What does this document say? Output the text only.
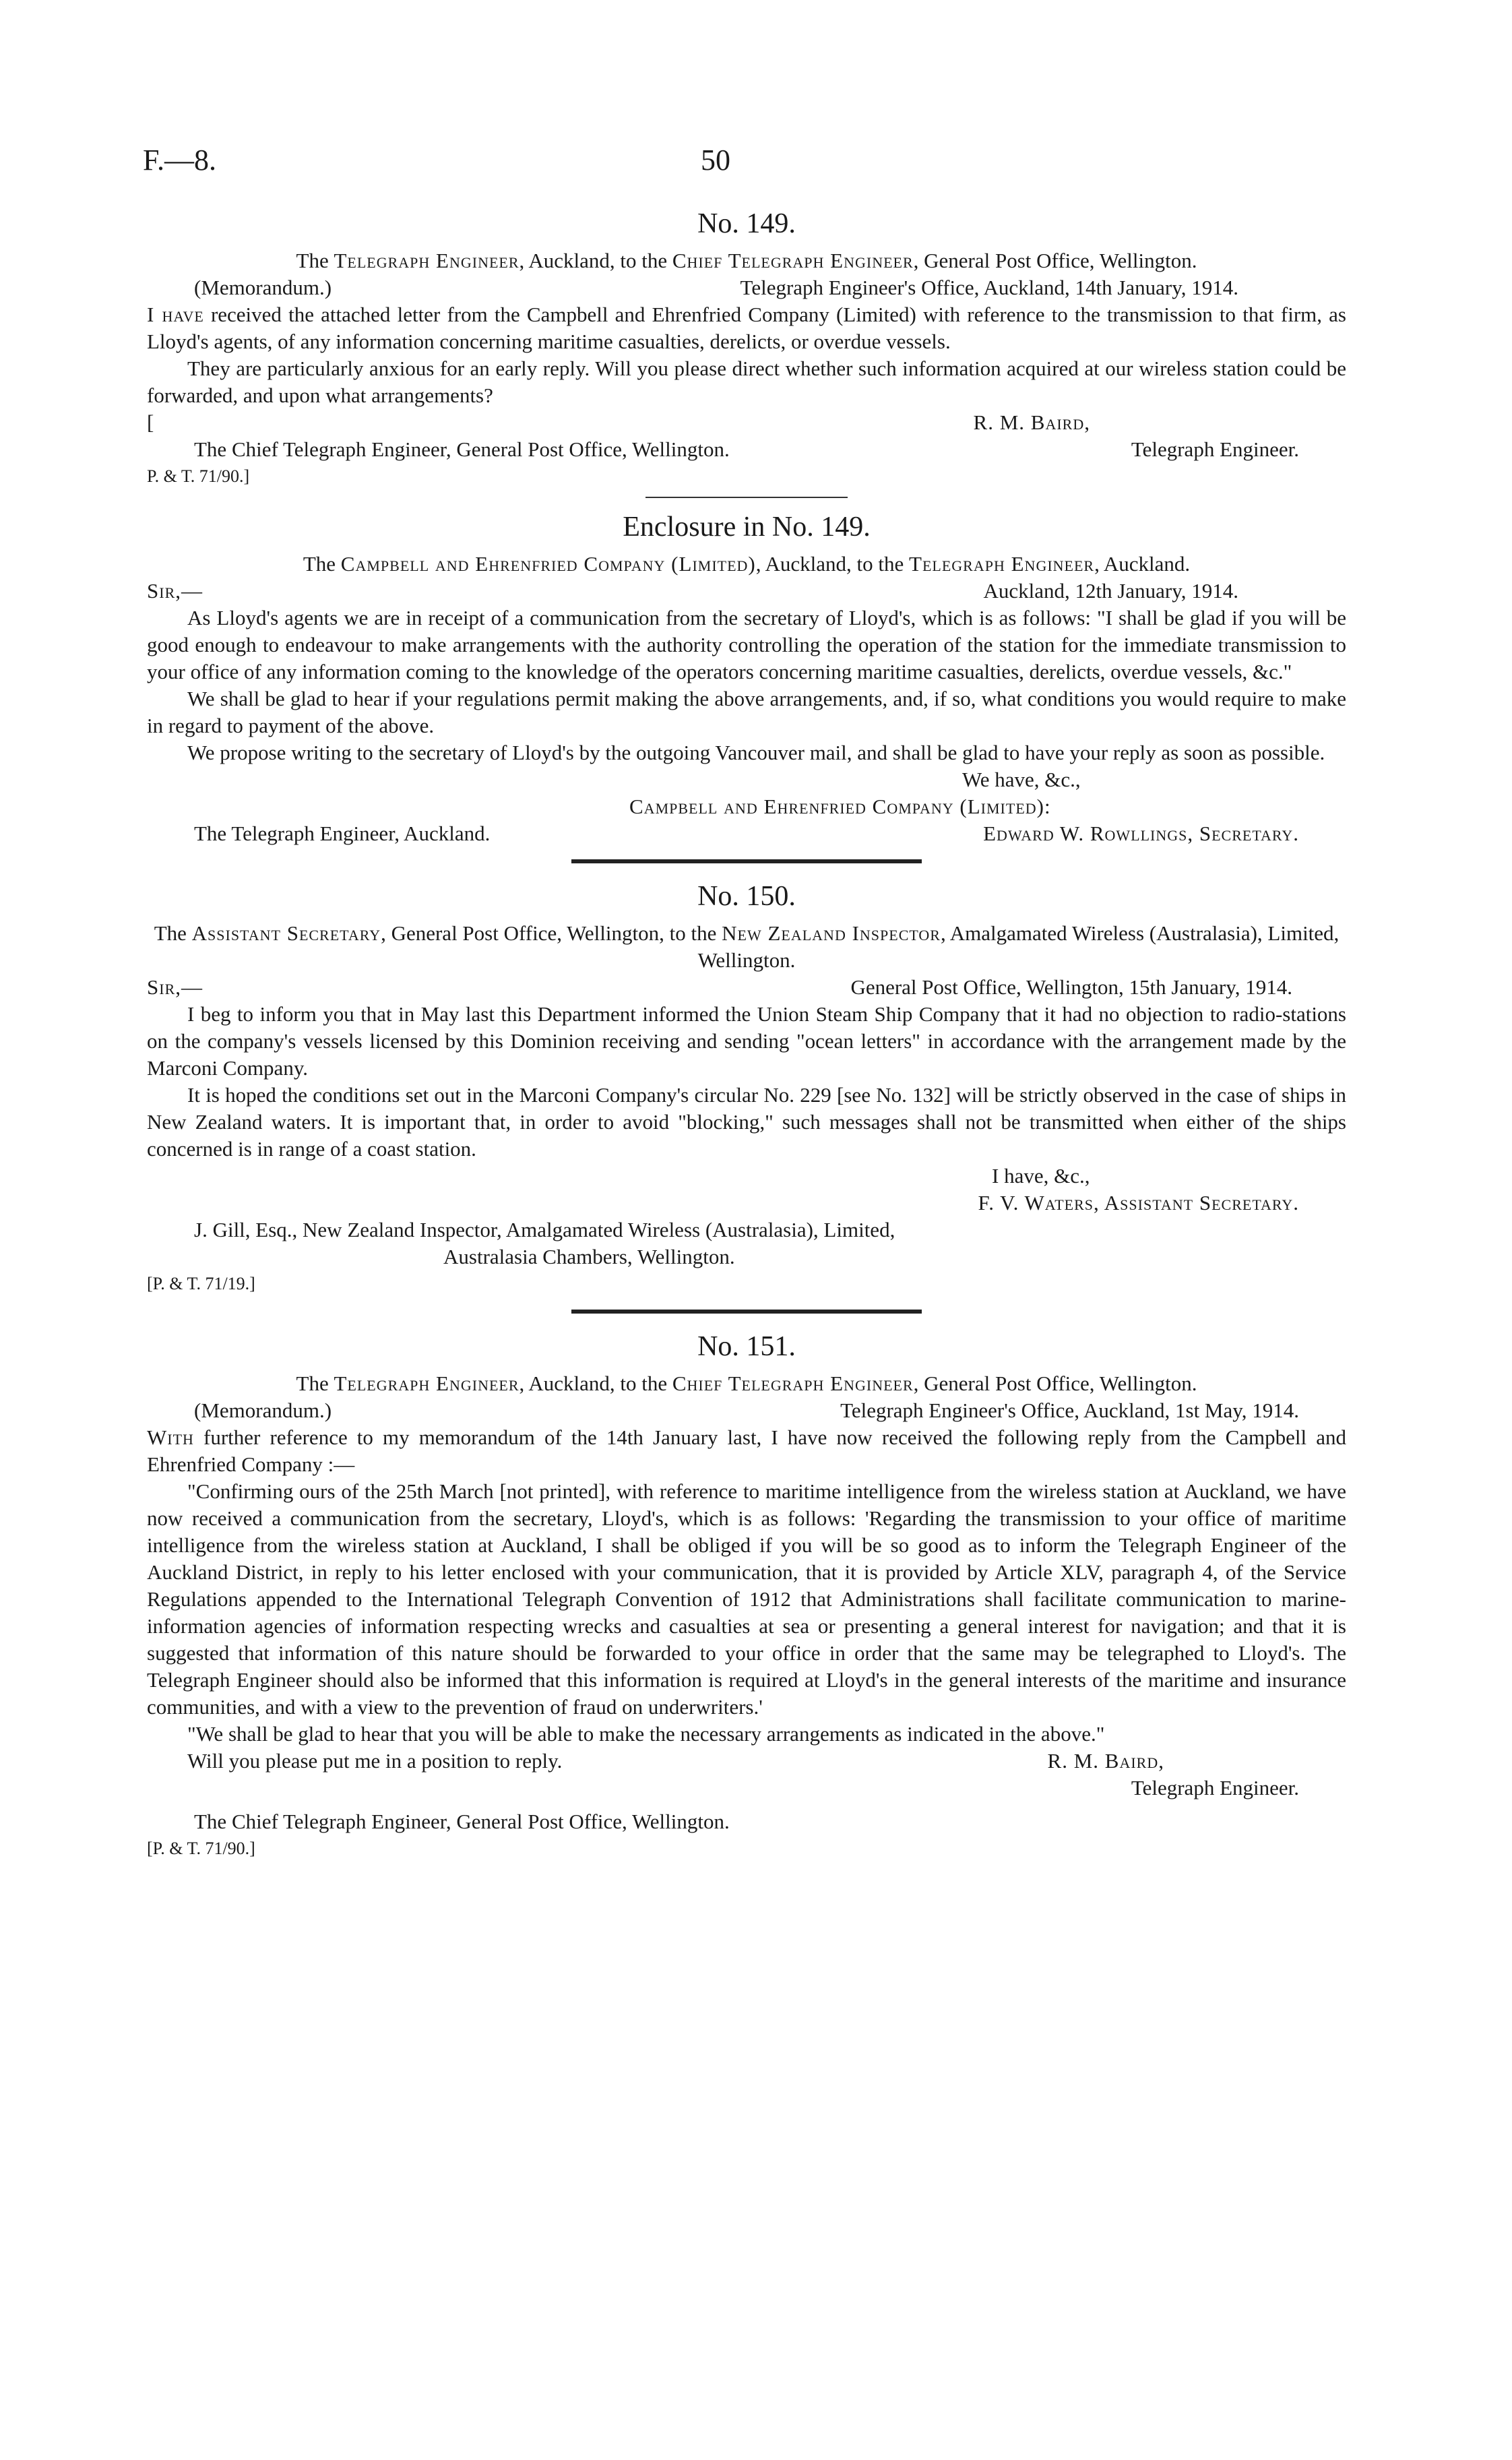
F.—8.	50
No. 149.
The Telegraph Engineer, Auckland, to the Chief Telegraph Engineer, General Post Office, Wellington.
(Memorandum.)	Telegraph Engineer's Office, Auckland, 14th January, 1914.

I have received the attached letter from the Campbell and Ehrenfried Company (Limited) with reference to the transmission to that firm, as Lloyd's agents, of any information concerning maritime casualties, derelicts, or overdue vessels.

They are particularly anxious for an early reply. Will you please direct whether such information acquired at our wireless station could be forwarded, and upon what arrangements?

[	R. M. Baird,
The Chief Telegraph Engineer, General Post Office, Wellington.	Telegraph Engineer.

P. & T. 71/90.]

Enclosure in No. 149.
The Campbell and Ehrenfried Company (Limited), Auckland, to the Telegraph Engineer, Auckland.
Sir,—	Auckland, 12th January, 1914.

As Lloyd's agents we are in receipt of a communication from the secretary of Lloyd's, which is as follows: "I shall be glad if you will be good enough to endeavour to make arrangements with the authority controlling the operation of the station for the immediate transmission to your office of any information coming to the knowledge of the operators concerning maritime casualties, derelicts, overdue vessels, &c."

We shall be glad to hear if your regulations permit making the above arrangements, and, if so, what conditions you would require to make in regard to payment of the above.

We propose writing to the secretary of Lloyd's by the outgoing Vancouver mail, and shall be glad to have your reply as soon as possible.

We have, &c.,
Campbell and Ehrenfried Company (Limited):
The Telegraph Engineer, Auckland.	Edward W. Rowllings, Secretary.
No. 150.
The Assistant Secretary, General Post Office, Wellington, to the New Zealand Inspector, Amalgamated Wireless (Australasia), Limited, Wellington.
Sir,—	General Post Office, Wellington, 15th January, 1914.

I beg to inform you that in May last this Department informed the Union Steam Ship Company that it had no objection to radio-stations on the company's vessels licensed by this Dominion receiving and sending "ocean letters" in accordance with the arrangement made by the Marconi Company.

It is hoped the conditions set out in the Marconi Company's circular No. 229 [see No. 132] will be strictly observed in the case of ships in New Zealand waters. It is important that, in order to avoid "blocking," such messages shall not be transmitted when either of the ships concerned is in range of a coast station.

I have, &c.,
F. V. Waters, Assistant Secretary.
J. Gill, Esq., New Zealand Inspector, Amalgamated Wireless (Australasia), Limited,
Australasia Chambers, Wellington.

[P. & T. 71/19.]

No. 151.
The Telegraph Engineer, Auckland, to the Chief Telegraph Engineer, General Post Office, Wellington.
(Memorandum.)	Telegraph Engineer's Office, Auckland, 1st May, 1914.

With further reference to my memorandum of the 14th January last, I have now received the following reply from the Campbell and Ehrenfried Company :—

"Confirming ours of the 25th March [not printed], with reference to maritime intelligence from the wireless station at Auckland, we have now received a communication from the secretary, Lloyd's, which is as follows: 'Regarding the transmission to your office of maritime intelligence from the wireless station at Auckland, I shall be obliged if you will be so good as to inform the Telegraph Engineer of the Auckland District, in reply to his letter enclosed with your communication, that it is provided by Article XLV, paragraph 4, of the Service Regulations appended to the International Telegraph Convention of 1912 that Administrations shall facilitate communication to marine-information agencies of information respecting wrecks and casualties at sea or presenting a general interest for navigation; and that it is suggested that information of this nature should be forwarded to your office in order that the same may be telegraphed to Lloyd's. The Telegraph Engineer should also be informed that this information is required at Lloyd's in the general interests of the maritime and insurance communities, and with a view to the prevention of fraud on underwriters.'

"We shall be glad to hear that you will be able to make the necessary arrangements as indicated in the above."

Will you please put me in a position to reply.	R. M. Baird,
Telegraph Engineer.
The Chief Telegraph Engineer, General Post Office, Wellington.

[P. & T. 71/90.]
